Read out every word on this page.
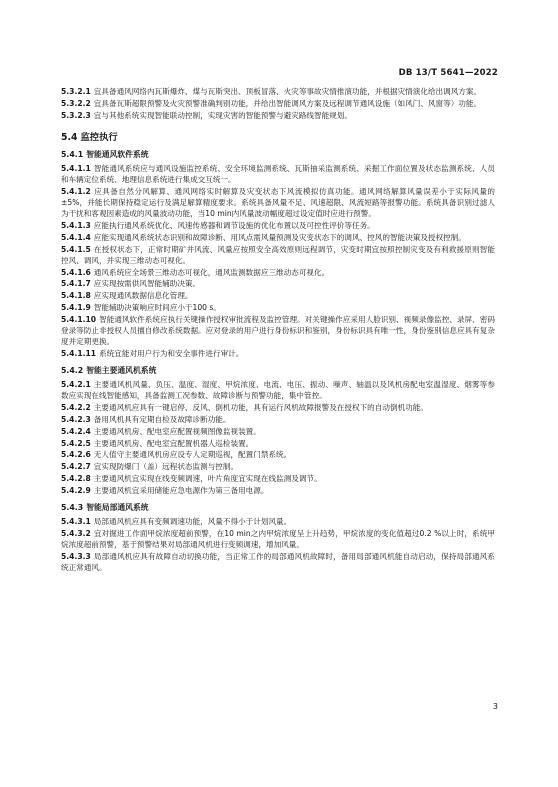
DB 13/T 5641—2022
5.3.2.1 宜具备通风网络内瓦斯爆炸、煤与瓦斯突出、顶板冒落、火灾等事故灾情推演功能，并根据灾情演化给出调风方案。
5.3.2.2 宜具备瓦斯超限预警及火灾预警准确判别功能，并给出智能调风方案及远程调节通风设施（如风门、风窗等）功能。
5.3.2.3 宜与其他系统实现智能联动控制，实现灾害的智能预警与避灾路线智能规划。
5.4 监控执行
5.4.1 智能通风软件系统
5.4.1.1 智能通风系统应与通风设施监控系统、安全环境监测系统、瓦斯抽采监测系统、采掘工作面位置及状态监测系统、人员和车辆定位系统、地理信息系统进行集成交互统一。
5.4.1.2 应具备自然分风解算、通风网络实时解算及灾变状态下风流模拟仿真功能。通风网络解算风量误差小于实际风量的±5%，并能长期保持稳定运行及满足解算精度要求。系统具备风量不足、风速超限、风流短路等报警功能。系统具备识别过滤人为干扰和客观因素造成的风量波动功能，当10 min内风量波动幅度超过设定值时应进行预警。
5.4.1.3 应能执行通风系统优化、风速传感器和调节设施的优化布置以及可控性评价等任务。
5.4.1.4 应能实现通风系统状态识别和故障诊断、用风点需风量预测及灾变状态下的调风、控风的智能决策及授权控制。
5.4.1.5 在授权状态下，正常时期矿井风流、风量应按照安全高效原则远程调节，灾变时期宜按照控制灾变及有利救援原则智能控风、调风，并实现三维动态可视化。
5.4.1.6 通风系统应全场景三维动态可视化，通风监测数据应三维动态可视化。
5.4.1.7 应实现按需供风智能辅助决策。
5.4.1.8 应实现通风数据信息化管理。
5.4.1.9 智能辅助决策响应时间应小于100 s。
5.4.1.10 智能通风软件系统应执行关键操作授权审批流程及监控管理。对关键操作应采用人脸识别、视频录像监控、录屏、密码登录等防止非授权人员擅自修改系统数据。应对登录的用户进行身份标识和鉴别，身份标识具有唯一性，身份鉴别信息应具有复杂度并定期更换。
5.4.1.11 系统宜能对用户行为和安全事件进行审计。
5.4.2 智能主要通风机系统
5.4.2.1 主要通风机风量、负压、温度、湿度、甲烷浓度、电流、电压、振动、噪声、轴温以及风机房配电室温湿度、烟雾等参数应实现在线智能感知，具备监测工况参数、故障诊断与预警功能，集中管控。
5.4.2.2 主要通风机应具有一键启停、反风、倒机功能，具有运行风机故障报警及在授权下的自动倒机功能。
5.4.2.3 备用风机具有定期自检及故障诊断功能。
5.4.2.4 主要通风机房、配电室应配置视频图像监视装置。
5.4.2.5 主要通风机房、配电室宜配置机器人巡检装置。
5.4.2.6 无人值守主要通风机房应设专人定期巡视，配置门禁系统。
5.4.2.7 宜实现防爆门（盖）远程状态监测与控制。
5.4.2.8 主要通风机宜实现在线变频调速，叶片角度宜实现在线监测及调节。
5.4.2.9 主要通风机宜采用储能应急电源作为第三备用电源。
5.4.3 智能局部通风系统
5.4.3.1 局部通风机应具有变频调速功能，风量不得小于计划风量。
5.4.3.2 宜对掘进工作面甲烷浓度超前预警，在10 min之内甲烷浓度呈上升趋势，甲烷浓度的变化值超过0.2 %以上时，系统甲烷浓度超前预警，基于预警结果对局部通风机进行变频调速，增加风量。
5.4.3.3 局部通风机应具有故障自动切换功能，当正常工作的局部通风机故障时，备用局部通风机能自动启动，保持局部通风系统正常通风。
3
